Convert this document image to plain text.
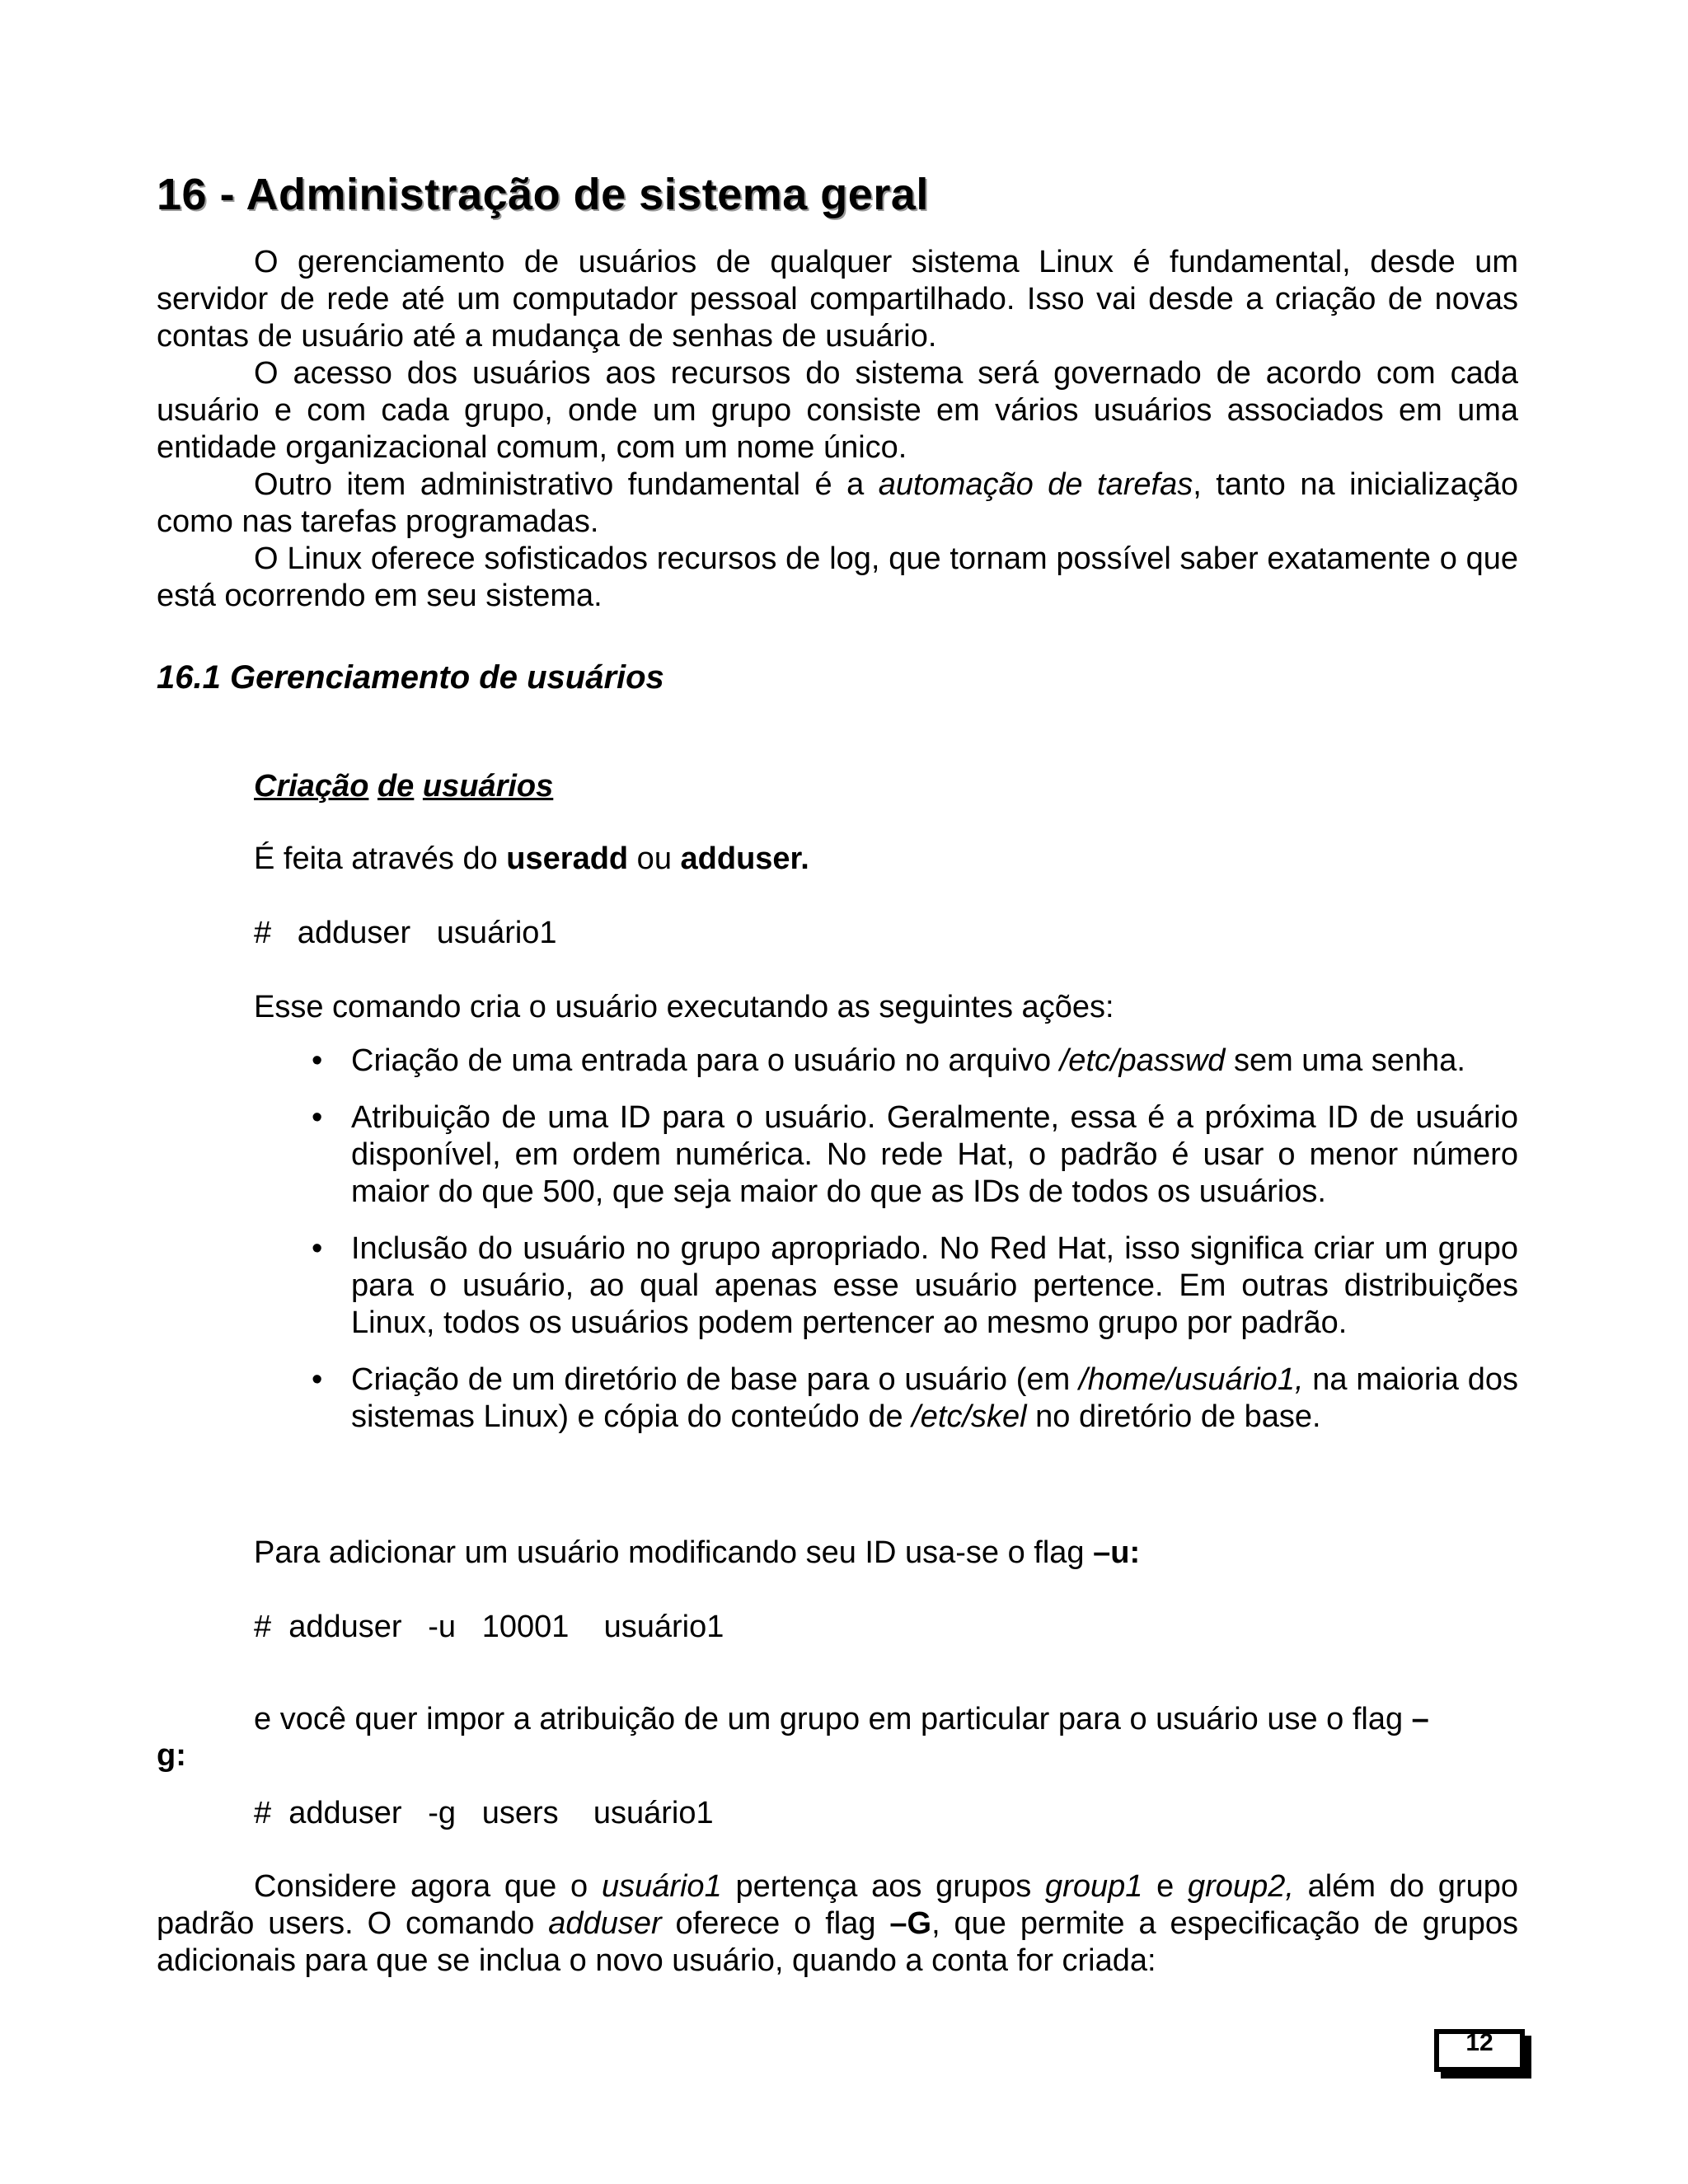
16 - Administração de sistema geral

O gerenciamento de usuários de qualquer sistema Linux é fundamental, desde um servidor de rede até um computador pessoal compartilhado. Isso vai desde a criação de novas contas de usuário até a mudança de senhas de usuário.

O acesso dos usuários aos recursos do sistema será governado de acordo com cada usuário e com cada grupo, onde um grupo consiste em vários usuários associados em uma entidade organizacional comum, com um nome único.

Outro item administrativo fundamental é a automação de tarefas, tanto na inicialização como nas tarefas programadas.

O Linux oferece sofisticados recursos de log, que tornam possível saber exatamente o que está ocorrendo em seu sistema.

16.1 Gerenciamento de usuários
Criação de usuários

É feita através do useradd ou adduser.

#   adduser   usuário1

Esse comando cria o usuário executando as seguintes ações:

• Criação de uma entrada para o usuário no arquivo /etc/passwd sem uma senha.
• Atribuição de uma ID para o usuário. Geralmente, essa é a próxima ID de usuário disponível, em ordem numérica. No rede Hat, o padrão é usar o menor número maior do que 500, que seja maior do que as IDs de todos os usuários.
• Inclusão do usuário no grupo apropriado. No Red Hat, isso significa criar um grupo para o usuário, ao qual apenas esse usuário pertence. Em outras distribuições Linux, todos os usuários podem pertencer ao mesmo grupo por padrão.
• Criação de um diretório de base para o usuário (em /home/usuário1, na maioria dos sistemas Linux) e cópia do conteúdo de /etc/skel no diretório de base.

Para adicionar um usuário modificando seu ID usa-se o flag –u:

#  adduser   -u   10001    usuário1

e você quer impor a atribuição de um grupo em particular para o usuário use o flag –

g:

#  adduser   -g   users    usuário1

Considere agora que o usuário1 pertença aos grupos group1 e group2, além do grupo padrão users. O comando adduser oferece o flag –G, que permite a especificação de grupos adicionais para que se inclua o novo usuário, quando a conta for criada:

12
